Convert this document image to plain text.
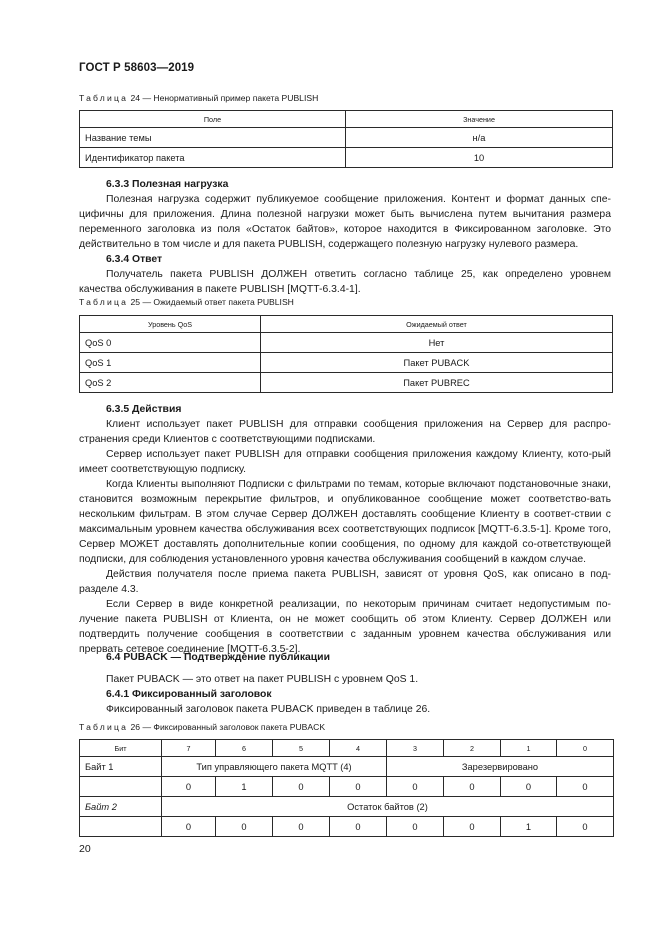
ГОСТ Р 58603—2019
Таблица 24 — Ненормативный пример пакета PUBLISH
Поле	Значение
Название темы	н/а
Идентификатор пакета	10
6.3.3 Полезная нагрузка

Полезная нагрузка содержит публикуемое сообщение приложения. Контент и формат данных спе-цифичны для приложения. Длина полезной нагрузки может быть вычислена путем вычитания размера переменного заголовка из поля «Остаток байтов», которое находится в Фиксированном заголовке. Это действительно в том числе и для пакета PUBLISH, содержащего полезную нагрузку нулевого размера.

6.3.4 Ответ

Получатель пакета PUBLISH ДОЛЖЕН ответить согласно таблице 25, как определено уровнем качества обслуживания в пакете PUBLISH [MQTT-6.3.4-1].

Таблица 25 — Ожидаемый ответ пакета PUBLISH
Уровень QoS	Ожидаемый ответ
QoS 0	Нет
QoS 1	Пакет PUBACK
QoS 2	Пакет PUBREC
6.3.5 Действия

Клиент использует пакет PUBLISH для отправки сообщения приложения на Сервер для распро-странения среди Клиентов с соответствующими подписками.

Сервер использует пакет PUBLISH для отправки сообщения приложения каждому Клиенту, кото-рый имеет соответствующую подписку.

Когда Клиенты выполняют Подписки с фильтрами по темам, которые включают подстановочные знаки, становится возможным перекрытие фильтров, и опубликованное сообщение может соответство-вать нескольким фильтрам. В этом случае Сервер ДОЛЖЕН доставлять сообщение Клиенту в соответ-ствии с максимальным уровнем качества обслуживания всех соответствующих подписок [MQTT-6.3.5-1]. Кроме того, Сервер МОЖЕТ доставлять дополнительные копии сообщения, по одному для каждой со-ответствующей подписки, для соблюдения установленного уровня качества обслуживания сообщений в каждом случае.

Действия получателя после приема пакета PUBLISH, зависят от уровня QoS, как описано в под-разделе 4.3.

Если Сервер в виде конкретной реализации, по некоторым причинам считает недопустимым по-лучение пакета PUBLISH от Клиента, он не может сообщить об этом Клиенту. Сервер ДОЛЖЕН или подтвердить получение сообщения в соответствии с заданным уровнем качества обслуживания или прервать сетевое соединение [MQTT-6.3.5-2].

6.4 PUBACK — Подтверждение публикации

Пакет PUBACK — это ответ на пакет PUBLISH с уровнем QoS 1.

6.4.1 Фиксированный заголовок

Фиксированный заголовок пакета PUBACK приведен в таблице 26.

Таблица 26 — Фиксированный заголовок пакета PUBACK
Бит	7	6	5	4	3	2	1	0
Байт 1	Тип управляющего пакета MQTT (4)				Зарезервировано			
	0	1	0	0	0	0	0	0
Байт 2	Остаток байтов (2)							
	0	0	0	0	0	0	1	0
20
